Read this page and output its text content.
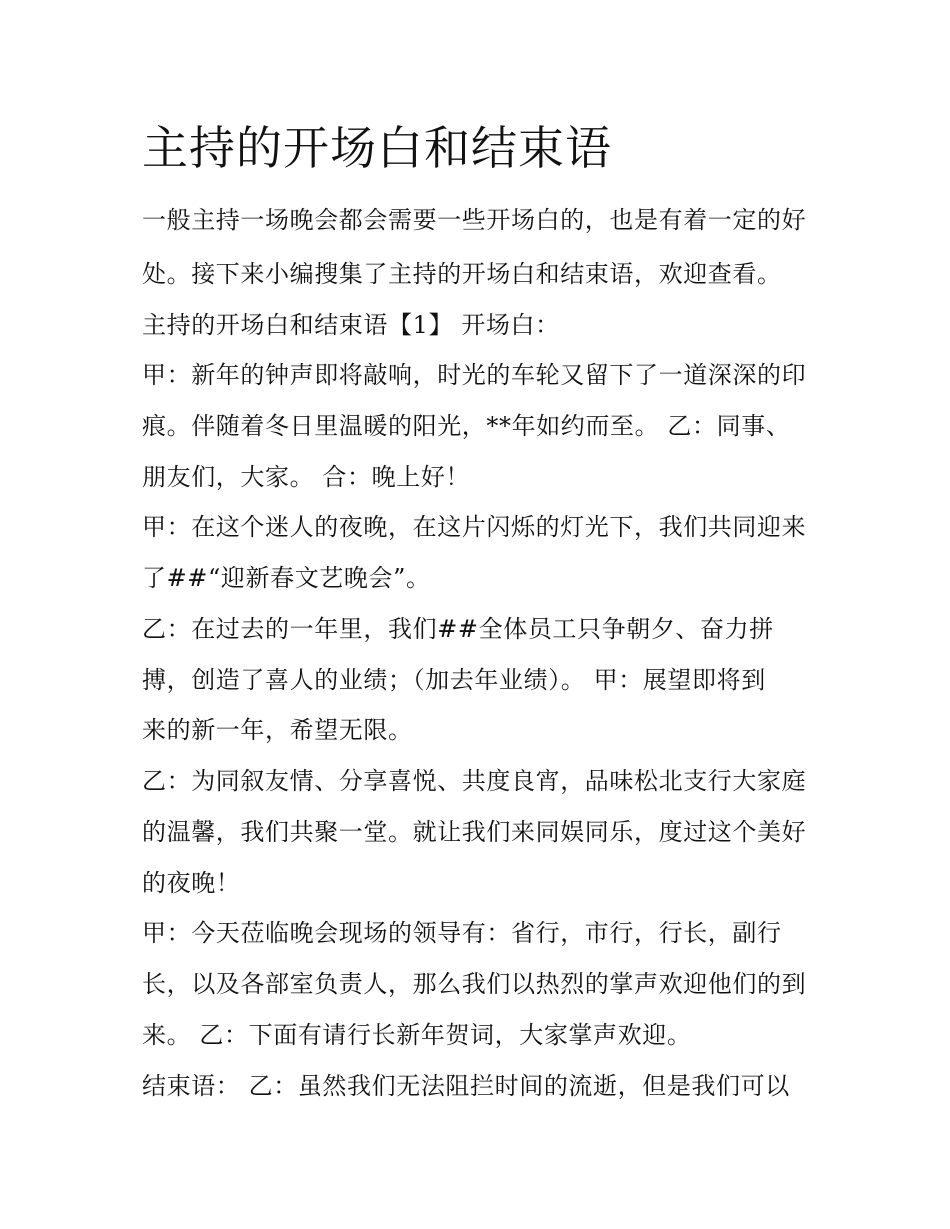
主持的开场白和结束语
一般主持一场晚会都会需要一些开场白的，也是有着一定的好
处。接下来小编搜集了主持的开场白和结束语，欢迎查看。
主持的开场白和结束语【1】 开场白：
甲：新年的钟声即将敲响，时光的车轮又留下了一道深深的印
痕。伴随着冬日里温暖的阳光，**年如约而至。 乙：同事、
朋友们，大家。 合：晚上好！
甲：在这个迷人的夜晚，在这片闪烁的灯光下，我们共同迎来
了##“迎新春文艺晚会”。
乙：在过去的一年里，我们##全体员工只争朝夕、奋力拼
搏，创造了喜人的业绩；（加去年业绩）。 甲：展望即将到
来的新一年，希望无限。
乙：为同叙友情、分享喜悦、共度良宵，品味松北支行大家庭
的温馨，我们共聚一堂。就让我们来同娱同乐，度过这个美好
的夜晚！
甲：今天莅临晚会现场的领导有：省行，市行，行长，副行
长，以及各部室负责人，那么我们以热烈的掌声欢迎他们的到
来。 乙：下面有请行长新年贺词，大家掌声欢迎。
结束语： 乙：虽然我们无法阻拦时间的流逝，但是我们可以
